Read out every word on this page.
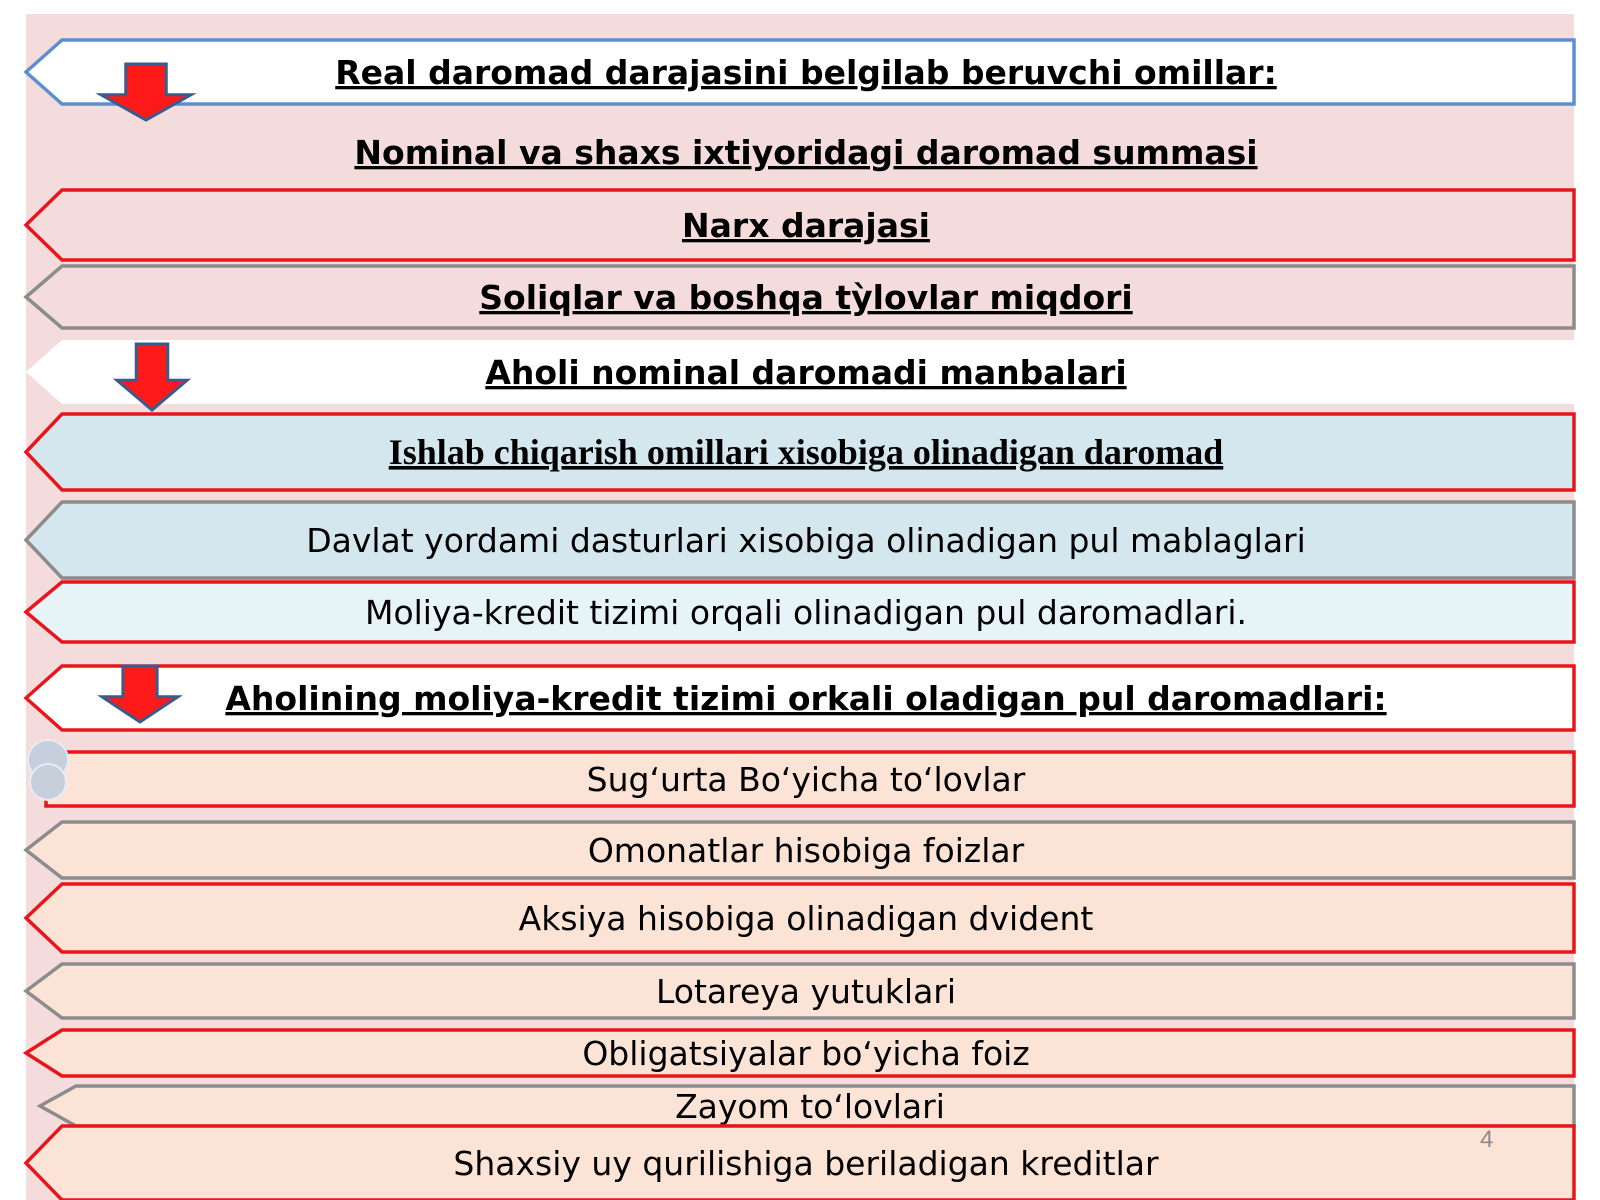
Real daromad darajasini belgilab beruvchi omillar:
Nominal va shaxs ixtiyoridagi daromad summasi
Narx darajasi
Soliqlar va boshqa tỳlovlar miqdori
Aholi nominal daromadi manbalari
Ishlab chiqarish omillari xisobiga olinadigan daromad
Davlat yordami dasturlari xisobiga olinadigan pul mablaglari
Moliya-kredit tizimi orqali olinadigan pul daromadlari.
Aholining moliya-kredit tizimi orkali oladigan pul daromadlari:
Sug‘urta Bo‘yicha to‘lovlar
Omonatlar hisobiga foizlar
Aksiya hisobiga olinadigan dvident
Lotareya yutuklari
Obligatsiyalar bo‘yicha foiz
Zayom to‘lovlari
Shaxsiy uy qurilishiga beriladigan kreditlar
4
